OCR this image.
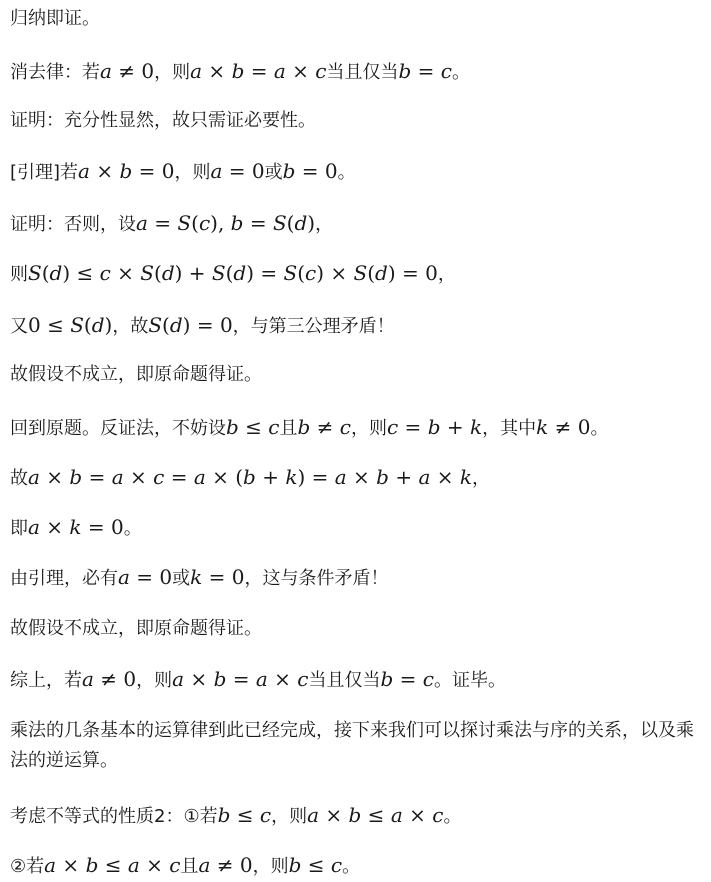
归纳即证。
消去律：若a ≠ 0，则a × b = a × c当且仅当b = c。
证明：充分性显然，故只需证必要性。
[引理]若a × b = 0，则a = 0或b = 0。
证明：否则，设a = S(c), b = S(d)，
则S(d) ≤ c × S(d) + S(d) = S(c) × S(d) = 0，
又0 ≤ S(d)，故S(d) = 0，与第三公理矛盾！
故假设不成立，即原命题得证。
回到原题。反证法，不妨设b ≤ c且b ≠ c，则c = b + k，其中k ≠ 0。
故a × b = a × c = a × (b + k) = a × b + a × k，
即a × k = 0。
由引理，必有a = 0或k = 0，这与条件矛盾！
故假设不成立，即原命题得证。
综上，若a ≠ 0，则a × b = a × c当且仅当b = c。证毕。
乘法的几条基本的运算律到此已经完成，接下来我们可以探讨乘法与序的关系，以及乘法的逆运算。
考虑不等式的性质2：①若b ≤ c，则a × b ≤ a × c。
②若a × b ≤ a × c且a ≠ 0，则b ≤ c。
